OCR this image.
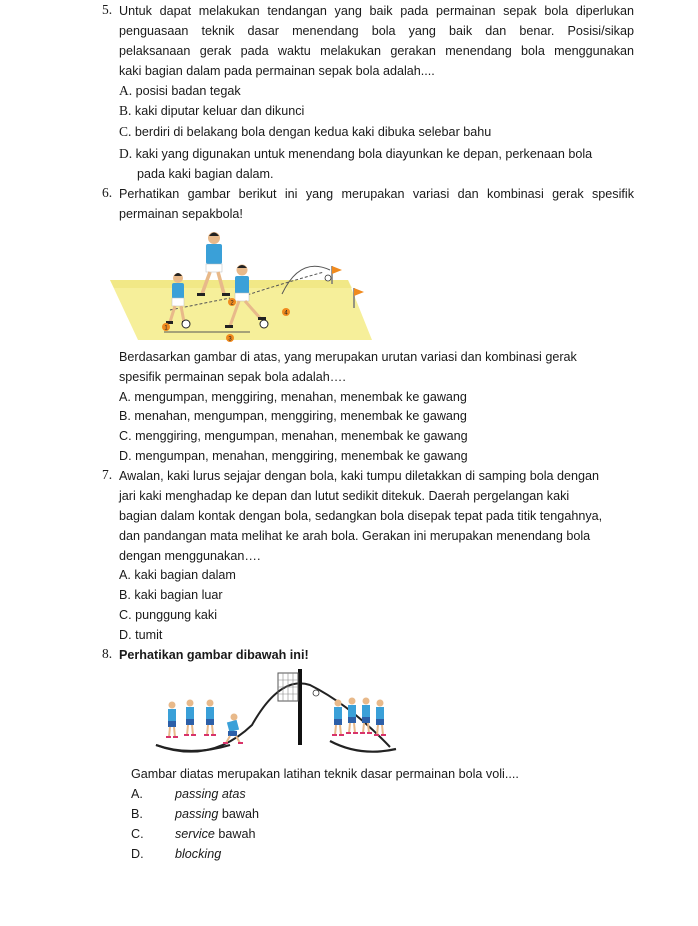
5. Untuk dapat melakukan tendangan yang baik pada permainan sepak bola diperlukan
penguasaan teknik dasar menendang bola yang baik dan benar. Posisi/sikap
pelaksanaan gerak pada waktu melakukan gerakan menendang bola menggunakan
kaki bagian dalam pada permainan sepak bola adalah....
A. posisi badan tegak
B. kaki diputar keluar dan dikunci
C. berdiri di belakang bola dengan kedua kaki dibuka selebar bahu
D. kaki yang digunakan untuk menendang bola diayunkan ke depan, perkenaan bola
pada kaki bagian dalam.
6. Perhatikan gambar berikut ini yang merupakan variasi dan kombinasi gerak spesifik
permainan sepakbola!
1
2
3
4
Berdasarkan gambar di atas, yang merupakan urutan variasi dan kombinasi gerak
spesifik permainan sepak bola adalah….
A. mengumpan, menggiring, menahan, menembak ke gawang
B. menahan, mengumpan, menggiring, menembak ke gawang
C. menggiring, mengumpan, menahan, menembak ke gawang
D. mengumpan, menahan, menggiring, menembak ke gawang
7. Awalan, kaki lurus sejajar dengan bola, kaki tumpu diletakkan di samping bola dengan
jari kaki menghadap ke depan dan lutut sedikit ditekuk. Daerah pergelangan kaki
bagian dalam kontak dengan bola, sedangkan bola disepak tepat pada titik tengahnya,
dan pandangan mata melihat ke arah bola. Gerakan ini merupakan menendang bola
dengan menggunakan….
A. kaki bagian dalam
B. kaki bagian luar
C. punggung kaki
D. tumit
8. Perhatikan gambar dibawah ini!
Gambar diatas merupakan latihan teknik dasar permainan bola voli....
A.	passing atas
B.	passing bawah
C. service bawah
D. blocking
